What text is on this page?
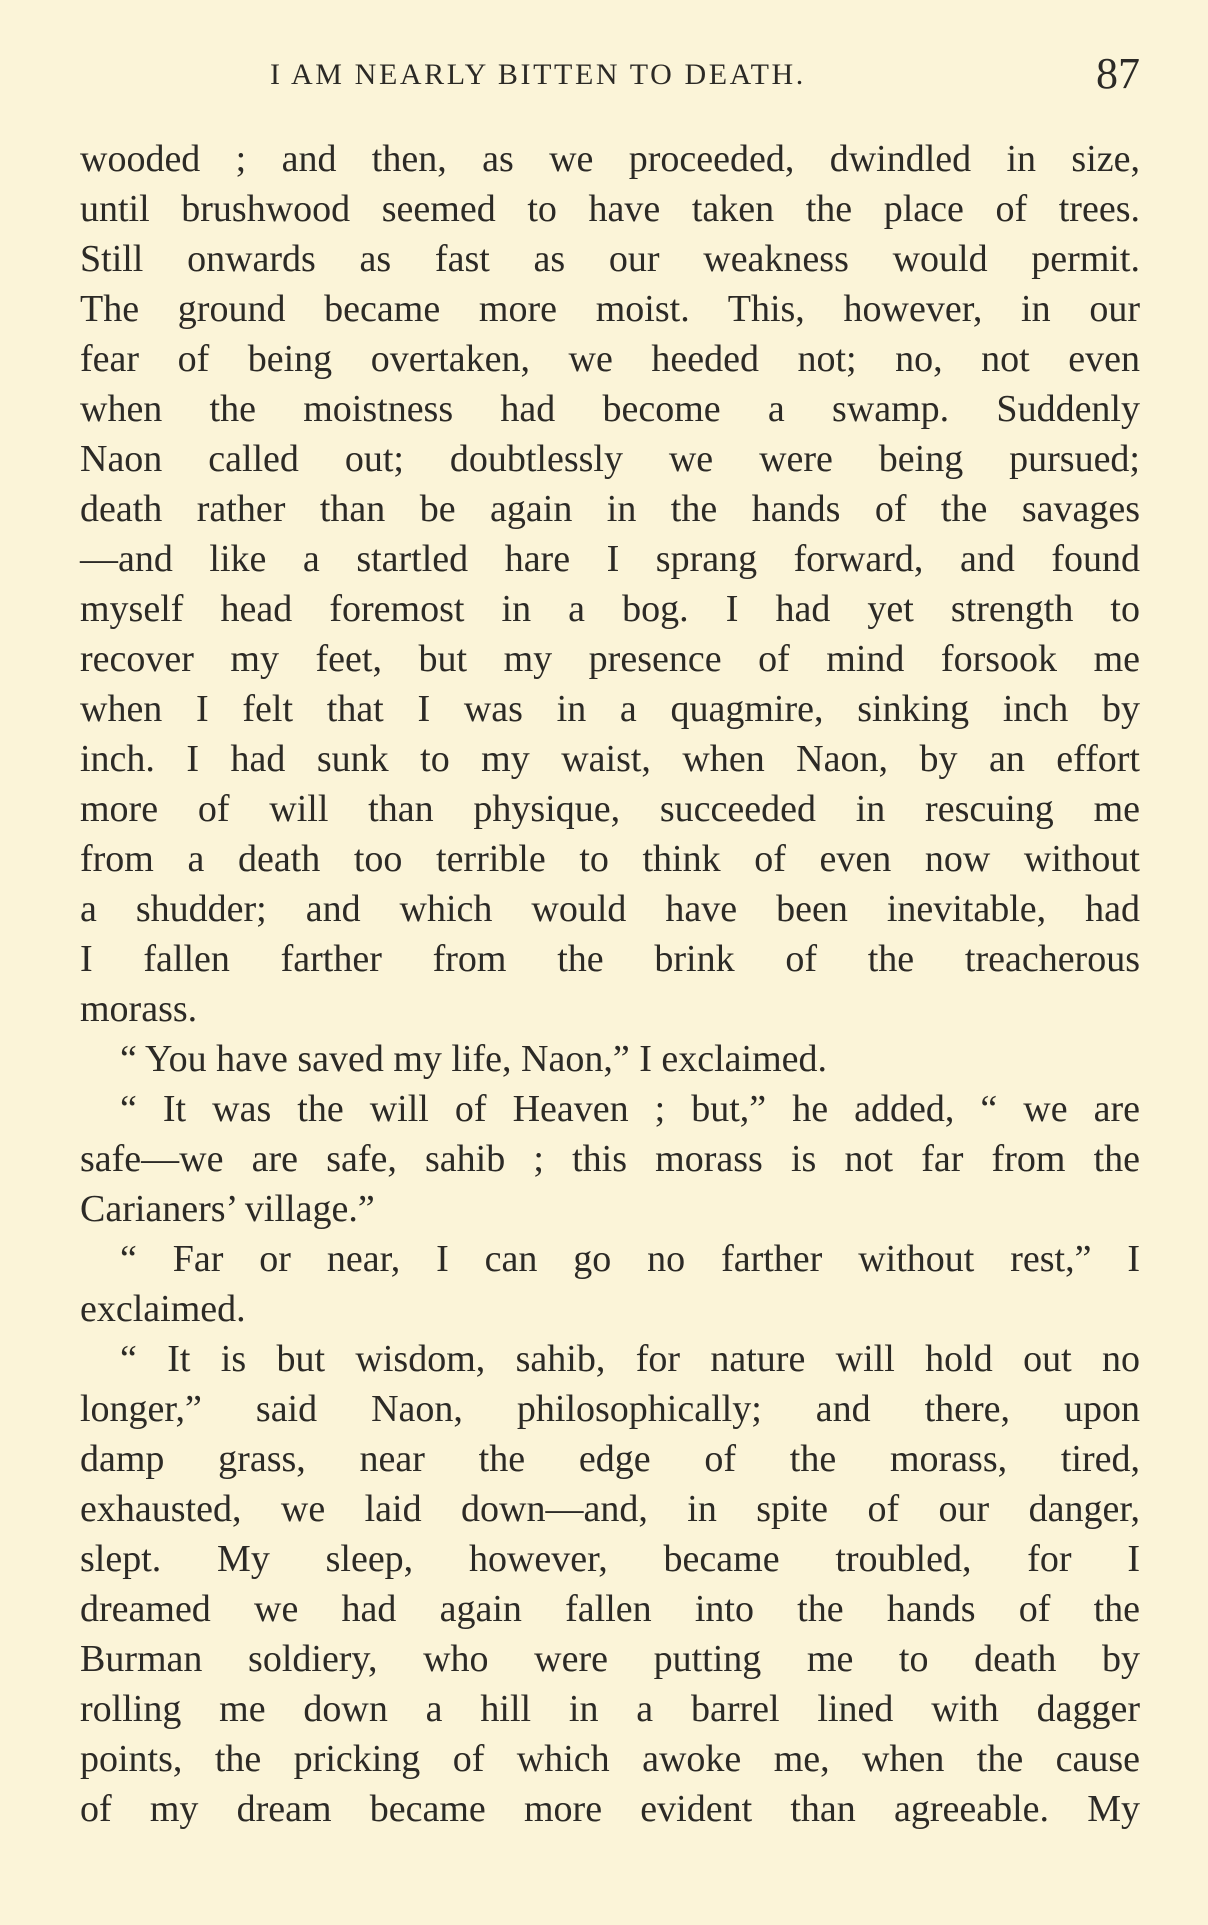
I AM NEARLY BITTEN TO DEATH.	87
wooded ; and then, as we proceeded, dwindled in size,
until brushwood seemed to have taken the place of trees.
Still onwards as fast as our weakness would permit.
The ground became more moist. This, however, in our
fear of being overtaken, we heeded not; no, not even
when the moistness had become a swamp. Suddenly
Naon called out; doubtlessly we were being pursued;
death rather than be again in the hands of the savages
—and like a startled hare I sprang forward, and found
myself head foremost in a bog. I had yet strength to
recover my feet, but my presence of mind forsook me
when I felt that I was in a quagmire, sinking inch by
inch. I had sunk to my waist, when Naon, by an effort
more of will than physique, succeeded in rescuing me
from a death too terrible to think of even now without
a shudder; and which would have been inevitable, had
I fallen farther from the brink of the treacherous
morass.
“ You have saved my life, Naon,” I exclaimed.
“ It was the will of Heaven ; but,” he added, “ we are
safe—we are safe, sahib ; this morass is not far from the
Carianers’ village.”
“ Far or near, I can go no farther without rest,” I
exclaimed.
“ It is but wisdom, sahib, for nature will hold out no
longer,” said Naon, philosophically; and there, upon
damp grass, near the edge of the morass, tired,
exhausted, we laid down—and, in spite of our danger,
slept. My sleep, however, became troubled, for I
dreamed we had again fallen into the hands of the
Burman soldiery, who were putting me to death by
rolling me down a hill in a barrel lined with dagger
points, the pricking of which awoke me, when the cause
of my dream became more evident than agreeable. My
